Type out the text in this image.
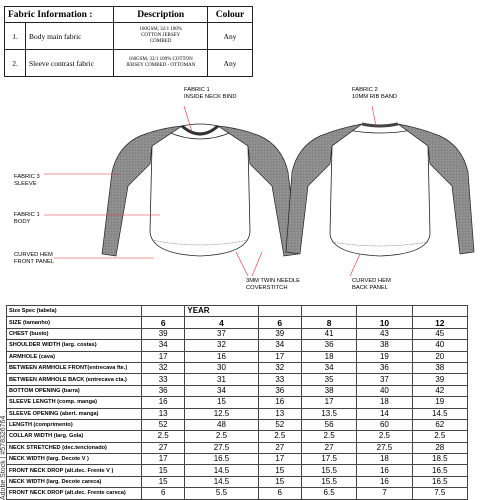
Fabric Information :		Description	Colour
1.	Body main fabric	160GSM, 32/1 100%
COTTON JERSEY
COMBED	Any
2.	Sleeve contrast fabric	160GSM, 32/1 100% COTTON
JERSEY COMBED - OTTOMAN	Any
FABRIC 1
INSIDE NECK BIND
FABRIC 2
10MM RIB BAND
FABRIC 3
SLEEVE
FABRIC 1
BODY
CURVED HEM
FRONT PANEL
3MM TWIN NEEDLE
COVERSTITCH
CURVED HEM
BACK PANEL
Size Spec (tabela)		YEAR				
SIZE (tamanho)	6	4	6	8	10	12
CHEST (busto)	39	37	39	41	43	45
SHOULDER WIDTH (larg. costas)	34	32	34	36	38	40
ARMHOLE (cava)	17	16	17	18	19	20
BETWEEN ARMHOLE FRONT(entrecava fte.)	32	30	32	34	36	38
BETWEEN ARMHOLE BACK (entrecava cta.)	33	31	33	35	37	39
BOTTOM OPENING (barra)	36	34	36	38	40	42
SLEEVE LENGTH (comp. manga)	16	15	16	17	18	19
SLEEVE OPENING (abert. manga)	13	12.5	13	13.5	14	14.5
LENGTH (comprimento)	52	48	52	56	60	62
COLLAR WIDTH (larg. Gola)	2.5	2.5	2.5	2.5	2.5	2.5
NECK STRETCHED (dec.tencionado)	27	27.5	27	27	27.5	28
NECK WIDTH (larg. Decote V )	17	16.5	17	17.5	18	18.5
FRONT NECK DROP (alt.dec. Frente V )	15	14.5	15	15.5	16	16.5
NECK WIDTH (larg. Decote careca)	15	14.5	15	15.5	16	16.5
FRONT NECK DROP (alt.dec. Frente careca)	6	5.5	6	6.5	7	7.5
Adobe Stock | #578326764
